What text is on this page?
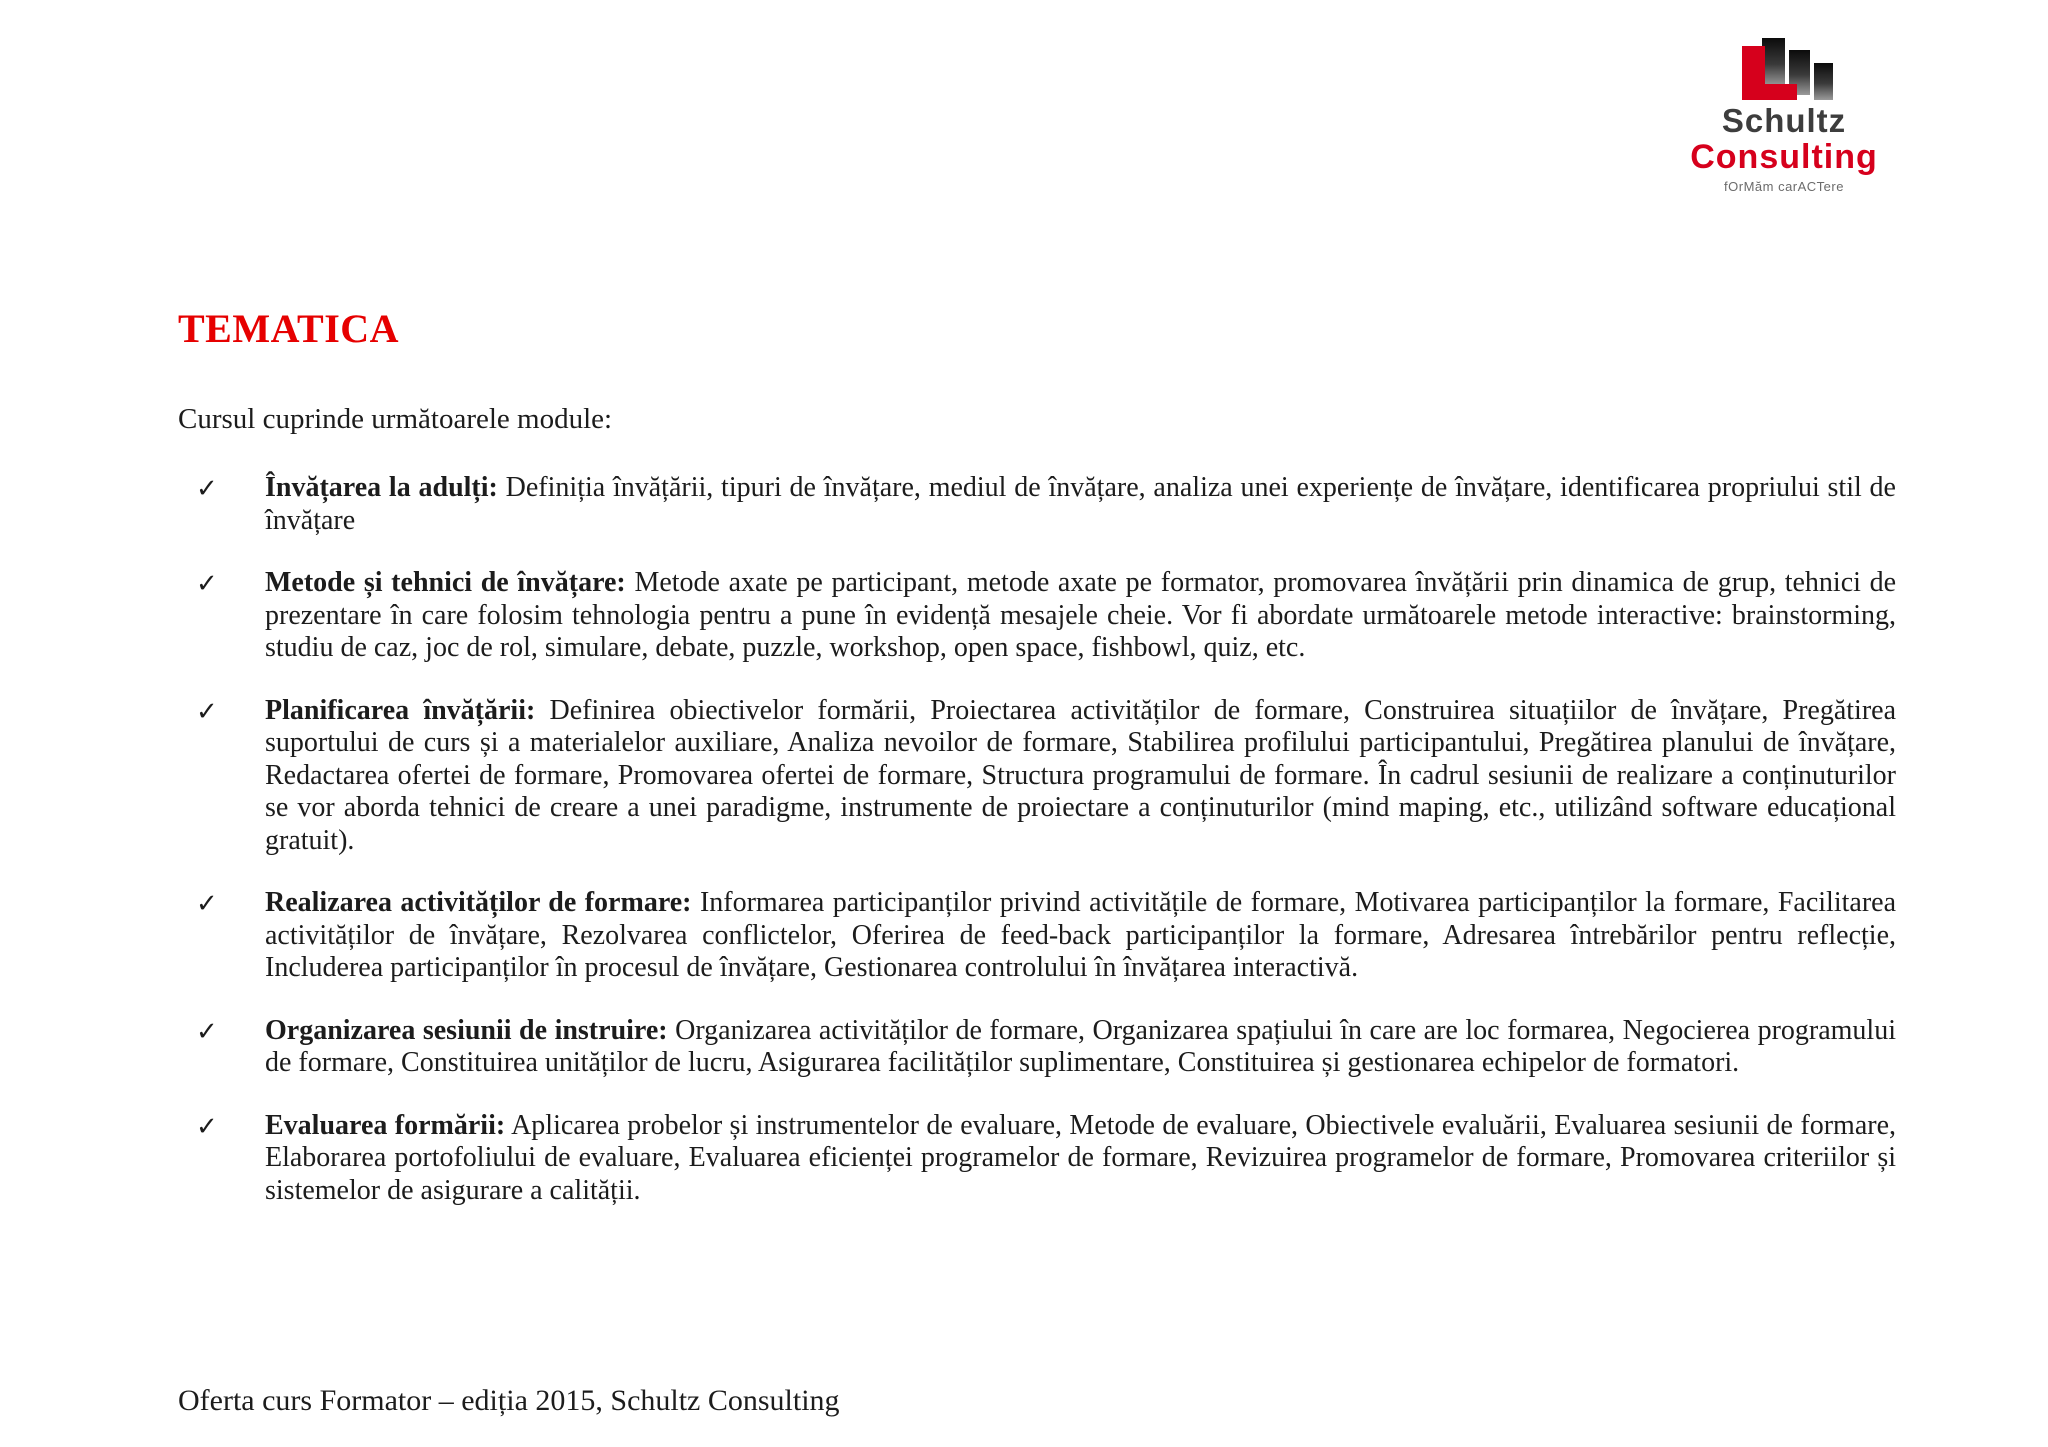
Schultz
Consulting
fOrMăm carACTere
TEMATICA

Cursul cuprinde următoarele module:

✓ Învățarea la adulți: Definiția învățării, tipuri de învățare, mediul de învățare, analiza unei experiențe de învățare, identificarea propriului stil de învățare
✓ Metode și tehnici de învățare: Metode axate pe participant, metode axate pe formator, promovarea învățării prin dinamica de grup, tehnici de prezentare în care folosim tehnologia pentru a pune în evidență mesajele cheie. Vor fi abordate următoarele metode interactive: brainstorming, studiu de caz, joc de rol, simulare, debate, puzzle, workshop, open space, fishbowl, quiz, etc.
✓ Planificarea învățării: Definirea obiectivelor formării, Proiectarea activităților de formare, Construirea situațiilor de învățare, Pregătirea suportului de curs și a materialelor auxiliare, Analiza nevoilor de formare, Stabilirea profilului participantului, Pregătirea planului de învățare, Redactarea ofertei de formare, Promovarea ofertei de formare, Structura programului de formare. În cadrul sesiunii de realizare a conținuturilor se vor aborda tehnici de creare a unei paradigme, instrumente de proiectare a conținuturilor (mind maping, etc., utilizând software educațional gratuit).
✓ Realizarea activităților de formare: Informarea participanților privind activitățile de formare, Motivarea participanților la formare, Facilitarea activităților de învățare, Rezolvarea conflictelor, Oferirea de feed-back participanților la formare, Adresarea întrebărilor pentru reflecție, Includerea participanților în procesul de învățare, Gestionarea controlului în învățarea interactivă.
✓ Organizarea sesiunii de instruire: Organizarea activităților de formare, Organizarea spațiului în care are loc formarea, Negocierea programului de formare, Constituirea unităților de lucru, Asigurarea facilităților suplimentare, Constituirea și gestionarea echipelor de formatori.
✓ Evaluarea formării: Aplicarea probelor și instrumentelor de evaluare, Metode de evaluare, Obiectivele evaluării, Evaluarea sesiunii de formare, Elaborarea portofoliului de evaluare, Evaluarea eficienței programelor de formare, Revizuirea programelor de formare, Promovarea criteriilor și sistemelor de asigurare a calității.

Oferta curs Formator – ediția 2015, Schultz Consulting
